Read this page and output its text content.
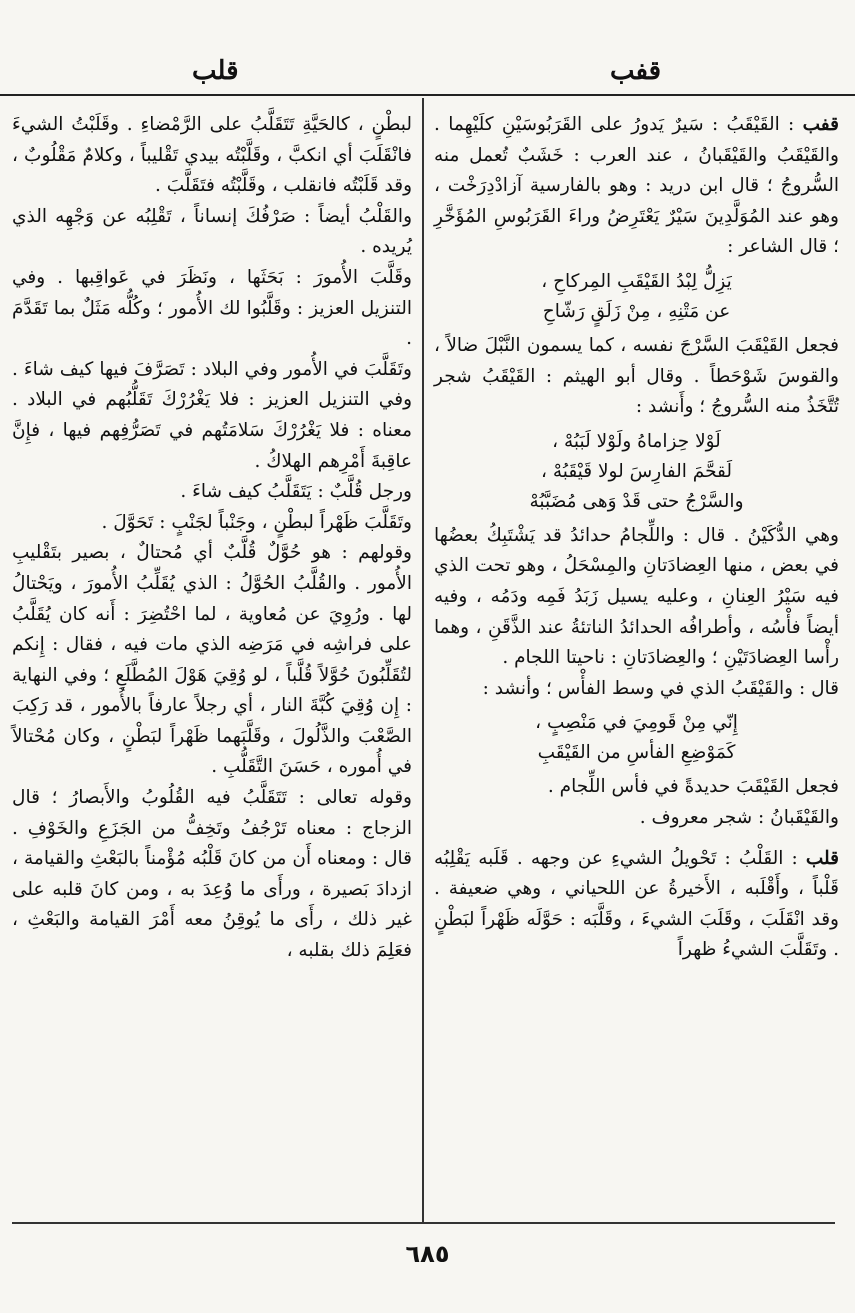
قفب
قلب

قفب : القَيْقَبُ : سَيرٌ يَدورُ على القَرَبُوسَيْنِ كلَيْهِما . والقَيْقَبُ والقَيْقَبانُ ، عند العرب : خَشَبٌ تُعمل منه السُّروجُ ؛ قال ابن دريد : وهو بالفارسية آزادْدِرَخْت ، وهو عند المُوَلَّدِينَ سَيْرٌ يَعْتَرِضُ وراءَ القَرَبُوسِ المُؤَخَّرِ ؛ قال الشاعر :

يَزِلُّ لِبْدُ القَيْقَبِ المِركاحِ ،
عن مَتْنِهِ ، مِنْ زَلَقٍ رَشّاحِ

فجعل القَيْقَبَ السَّرْجَ نفسه ، كما يسمون النَّبْلَ ضالاً ، والقوسَ شَوْحَطاً . وقال أبو الهيثم : القَيْقَبُ شجر تُتَّخَذُ منه السُّروجُ ؛ وأَنشد :

لَوْلا حِزاماهُ ولَوْلا لَبَبُهْ ،
لَقحَّمَ الفارِسَ لولا قَيْقَبُهْ ،
والسَّرْجُ حتى قَدْ وَهى مُضَبَّبُهْ

وهي الدُّكَيْنُ . قال : واللِّجامُ حدائدُ قد يَشْتَبِكُ بعضُها في بعض ، منها العِضادَتانِ والمِسْحَلُ ، وهو تحت الذي فيه سَيْرُ العِنانِ ، وعليه يسيل زَبَدُ فَمِه ودَمُه ، وفيه أيضاً فأْسُه ، وأطرافُه الحدائدُ الناتئةُ عند الذَّقَنِ ، وهما رأْسا العِضادَتَيْنِ ؛ والعِضادَتانِ : ناحيتا اللجام .

قال : والقَيْقَبُ الذي في وسط الفأْس ؛ وأنشد :

إِنّي مِنْ قَومِيَ في مَنْصِبٍ ،
كَمَوْضِعِ الفأسِ من القَيْقَبِ

فجعل القَيْقَبَ حديدةً في فأس اللِّجام .

والقَيْقَبانُ : شجر معروف .

قلب : القَلْبُ : تَحْويلُ الشيءِ عن وجهه . قَلَبه يَقْلِبُه قَلْباً ، وأَقْلَبه ، الأَخيرةُ عن اللحياني ، وهي ضعيفة . وقد انْقَلَبَ ، وقَلَبَ الشيءَ ، وقَلَّبَه : حَوَّلَه ظَهْراً لبَطْنٍ . وتَقَلَّبَ الشيءُ ظهراً

لبطْنٍ ، كالحَيَّةِ تَتَقَلَّبُ على الرَّمْضاءِ . وقَلَبْتُ الشيءَ فانْقَلَبَ أي انكبَّ ، وقَلَّبْتُه بيدي تَقْليباً ، وكلامٌ مَقْلُوبٌ ، وقد قَلَبْتُه فانقلب ، وقَلَّبْتُه فتَقَلَّبَ .

والقَلْبُ أيضاً : صَرْفُكَ إنساناً ، تَقْلِبُه عن وَجْهِه الذي يُريده .

وقَلَّبَ الأُمورَ : بَحَثَها ، ونَظَرَ في عَواقِبها . وفي التنزيل العزيز : وقَلَّبُوا لك الأُمور ؛ وكُلُّه مَثَلٌ بما تَقَدَّمَ .

وتَقَلَّبَ في الأُمور وفي البلاد : تَصَرَّفَ فيها كيف شاءَ . وفي التنزيل العزيز : فلا يَغْرُرْكَ تَقَلُّبُهم في البلاد . معناه : فلا يَغْرُرْكَ سَلامَتُهم في تَصَرُّفِهم فيها ، فإِنَّ عاقِبةَ أَمْرِهم الهلاكُ .

ورجل قُلَّبٌ : يَتَقَلَّبُ كيف شاءَ .

وتَقَلَّبَ ظَهْراً لبطْنٍ ، وجَنْباً لجَنْبٍ : تَحَوَّلَ .

وقولهم : هو حُوَّلٌ قُلَّبٌ أي مُحتالٌ ، بصير بتَقْليبِ الأُمور . والقُلَّبُ الحُوَّلُ : الذي يُقَلِّبُ الأُمورَ ، ويَحْتالُ لها . ورُوِيَ عن مُعاوية ، لما احْتُضِرَ : أَنه كان يُقَلَّبُ على فراشِه في مَرَضِه الذي مات فيه ، فقال : إِنكم لتُقَلِّبُونَ حُوَّلاً قُلَّباً ، لو وُقِيَ هَوْلَ المُطَّلَعِ ؛ وفي النهاية : إِن وُقِيَ كُبَّةَ النار ، أي رجلاً عارفاً بالأُمور ، قد رَكِبَ الصَّعْبَ والذَّلُولَ ، وقَلَّبَهما ظَهْراً لبَطْنٍ ، وكان مُحْتالاً في أُموره ، حَسَنَ التَّقَلُّبِ .

وقوله تعالى : تَتَقَلَّبُ فيه القُلُوبُ والأَبصارُ ؛ قال الزجاج : معناه تَرْجُفُ وتَخِفُّ من الجَزَعِ والخَوْفِ . قال : ومعناه أَن من كانَ قَلْبُه مُؤْمناً بالبَعْثِ والقيامة ، ازدادَ بَصيرة ، ورأَى ما وُعِدَ به ، ومن كانَ قلبه على غير ذلك ، رأَى ما يُوقِنُ معه أَمْرَ القيامة والبَعْثِ ، فعَلِمَ ذلك بقلبه ،

٦٨٥
